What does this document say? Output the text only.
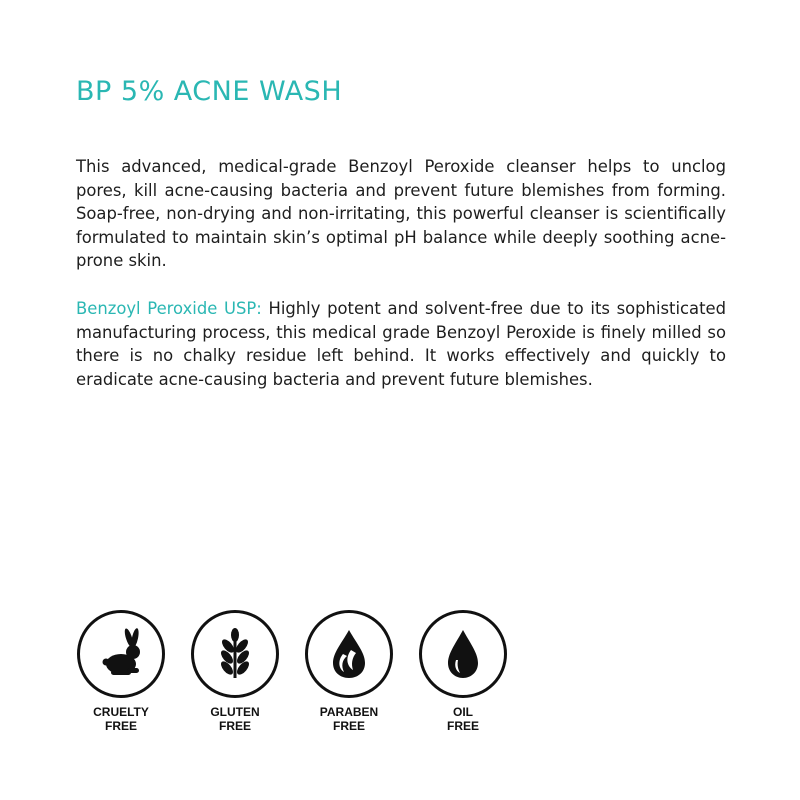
BP 5% ACNE WASH

This advanced, medical-grade Benzoyl Peroxide cleanser helps to unclog pores, kill acne-causing bacteria and prevent future blemishes from forming. Soap-free, non-drying and non-irritating, this powerful cleanser is scientifically formulated to maintain skin’s optimal pH balance while deeply soothing acne-prone skin.

Benzoyl Peroxide USP: Highly potent and solvent-free due to its sophisticated manufacturing process, this medical grade Benzoyl Peroxide is finely milled so there is no chalky residue left behind. It works effectively and quickly to eradicate acne-causing bacteria and prevent future blemishes.

CRUELTY
FREE
GLUTEN
FREE
PARABEN
FREE
OIL
FREE
